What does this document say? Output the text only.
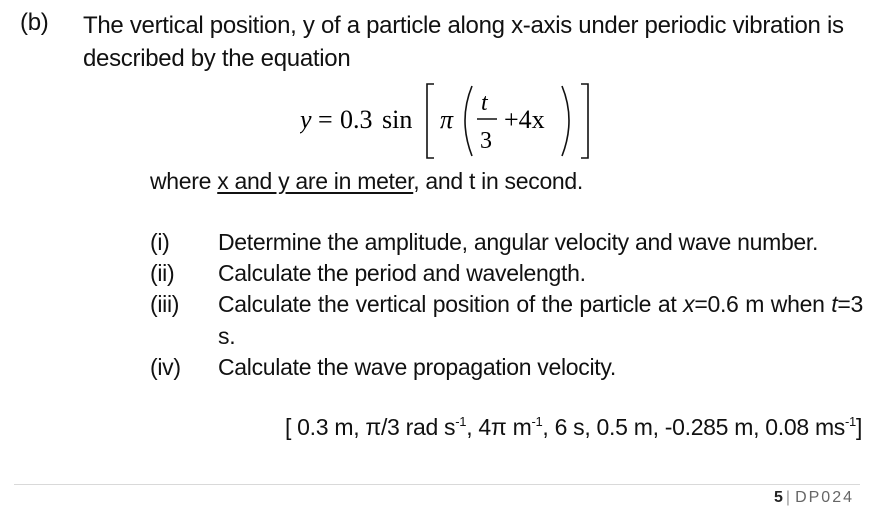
(b) The vertical position, y of a particle along x-axis under periodic vibration is described by the equation
y = 0.3 sin π
t
3
+4x
where x and y are in meter, and t in second.
(i) Determine the amplitude, angular velocity and wave number.
(ii) Calculate the period and wavelength.
(iii) Calculate the vertical position of the particle at x=0.6 m when t=3 s.
(iv) Calculate the wave propagation velocity.
[ 0.3 m, π/3 rad $s^{-1}$, 4π $m^{-1}$, 6 s, 0.5 m, -0.285 m, 0.08 $ms^{-1}$]
5 | DP024
